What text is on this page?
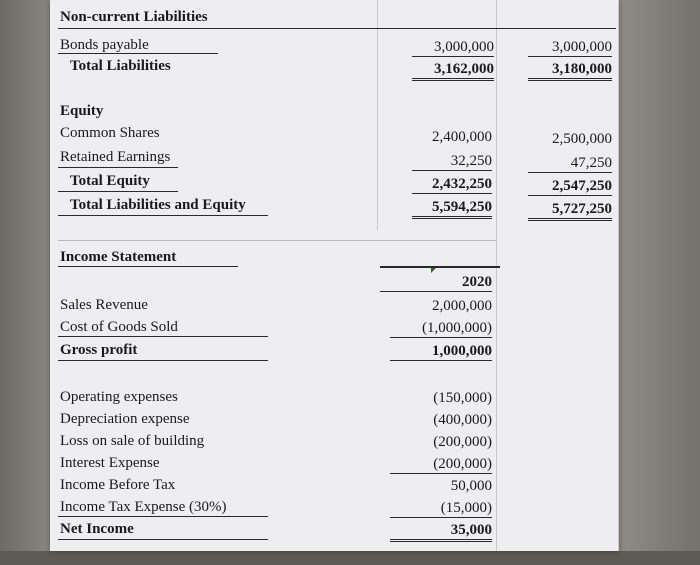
Non-current Liabilities
Bonds payable	3,000,000	3,000,000
Total Liabilities	3,162,000	3,180,000
Equity
Common Shares	2,400,000	2,500,000
Retained Earnings	32,250	47,250
Total Equity	2,432,250	2,547,250
Total Liabilities and Equity	5,594,250	5,727,250
Income Statement
2020
Sales Revenue	2,000,000
Cost of Goods Sold	(1,000,000)
Gross profit	1,000,000
Operating expenses	(150,000)
Depreciation expense	(400,000)
Loss on sale of building	(200,000)
Interest Expense	(200,000)
Income Before Tax	50,000
Income Tax Expense (30%)	(15,000)
Net Income	35,000
